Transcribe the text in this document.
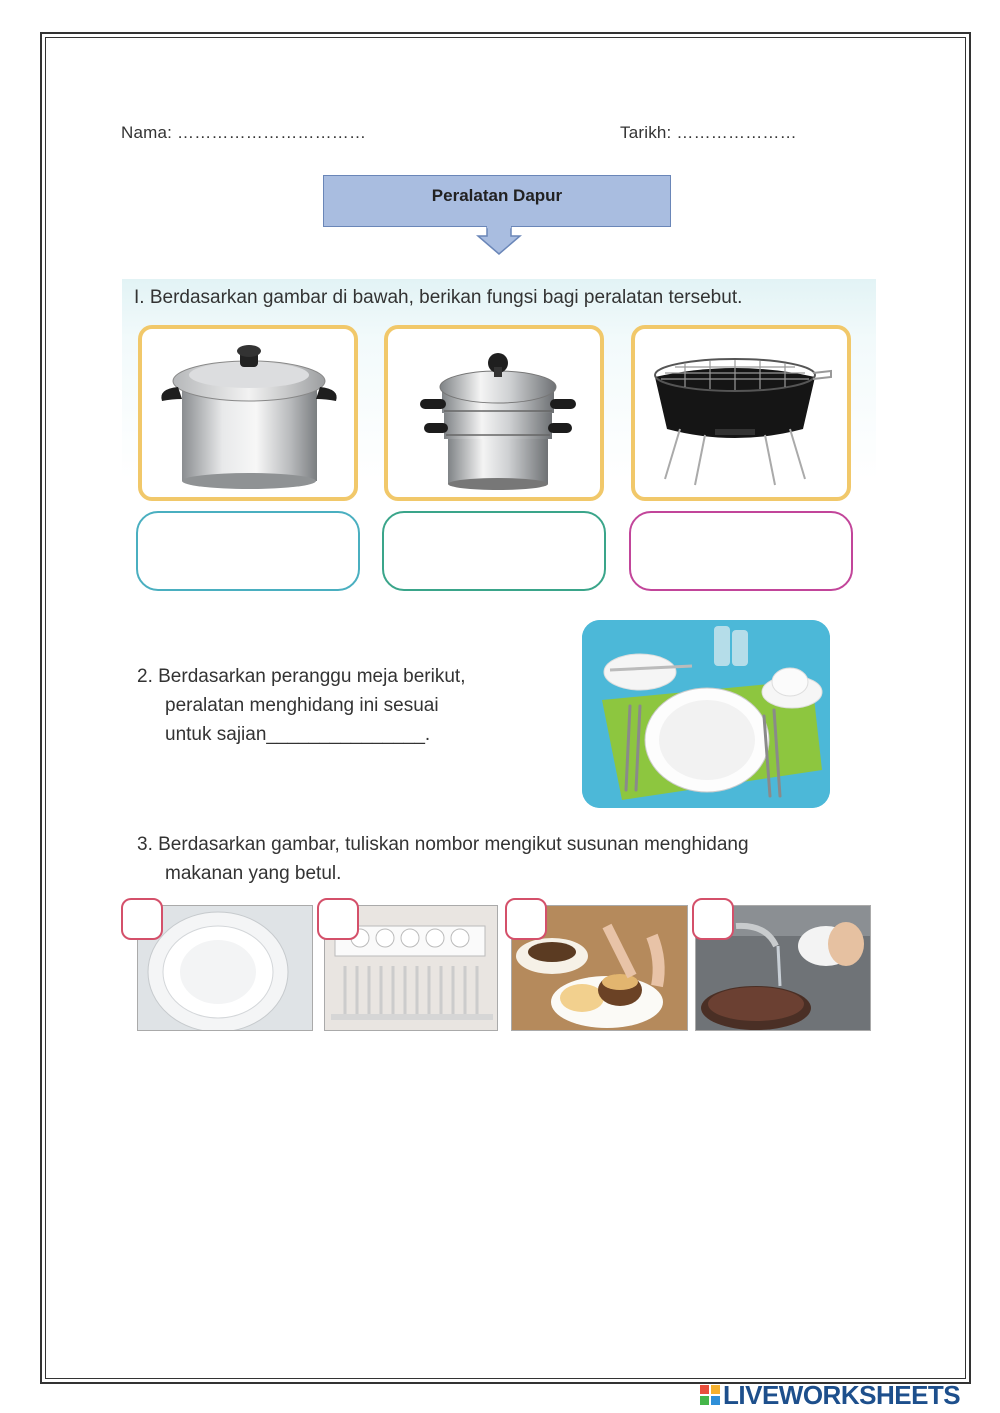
Nama: ……………………………	Tarikh: …………………
Peralatan Dapur
I. Berdasarkan gambar di bawah, berikan fungsi bagi peralatan tersebut.
2. Berdasarkan peranggu meja berikut,
peralatan menghidang ini sesuai
untuk sajian_______________.
3. Berdasarkan gambar, tuliskan nombor mengikut susunan menghidang
makanan yang betul.
LIVEWORKSHEETS
